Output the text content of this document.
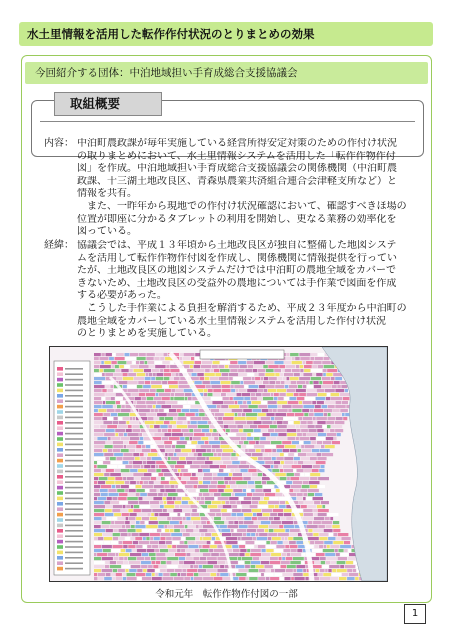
水土里情報を活用した転作作付状況のとりまとめの効果
今回紹介する団体：中泊地域担い手育成総合支援協議会
取組概要
内容： 中泊町農政課が毎年実施している経営所得安定対策のための作付け状況
の取りまとめにおいて、水土里情報システムを活用した「転作作物作付
図」を作成。中泊地域担い手育成総合支援協議会の関係機関（中泊町農
政課、十三湖土地改良区、青森県農業共済組合連合会津軽支所など）と
情報を共有。
　また、一昨年から現地での作付け状況確認において、確認すべきほ場の
位置が即座に分かるタブレットの利用を開始し、更なる業務の効率化を
図っている。
経緯： 協議会では、平成１３年頃から土地改良区が独自に整備した地図システ
ムを活用して転作作物作付図を作成し、関係機関に情報提供を行ってい
たが、土地改良区の地図システムだけでは中泊町の農地全域をカバーで
きないため、土地改良区の受益外の農地については手作業で図面を作成
する必要があった。
　こうした手作業による負担を解消するため、平成２３年度から中泊町の
農地全域をカバーしている水土里情報システムを活用した作付け状況
のとりまとめを実施している。
令和元年　転作作物作付図の一部
1
